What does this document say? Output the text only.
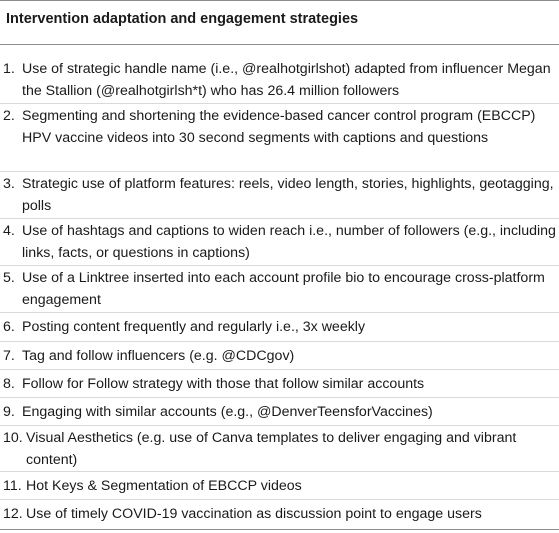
Intervention adaptation and engagement strategies
1. Use of strategic handle name (i.e., @realhotgirlshot) adapted from influencer Megan the Stallion (@realhotgirlsh*t) who has 26.4 million followers
2. Segmenting and shortening the evidence-based cancer control program (EBCCP) HPV vaccine videos into 30 second segments with captions and questions
3. Strategic use of platform features: reels, video length, stories, highlights, geotagging, polls
4. Use of hashtags and captions to widen reach i.e., number of followers (e.g., including links, facts, or questions in captions)
5. Use of a Linktree inserted into each account profile bio to encourage cross-platform engagement
6. Posting content frequently and regularly i.e., 3x weekly
7. Tag and follow influencers (e.g. @CDCgov)
8. Follow for Follow strategy with those that follow similar accounts
9. Engaging with similar accounts (e.g., @DenverTeensforVaccines)
10. Visual Aesthetics (e.g. use of Canva templates to deliver engaging and vibrant content)
11. Hot Keys & Segmentation of EBCCP videos
12. Use of timely COVID-19 vaccination as discussion point to engage users
